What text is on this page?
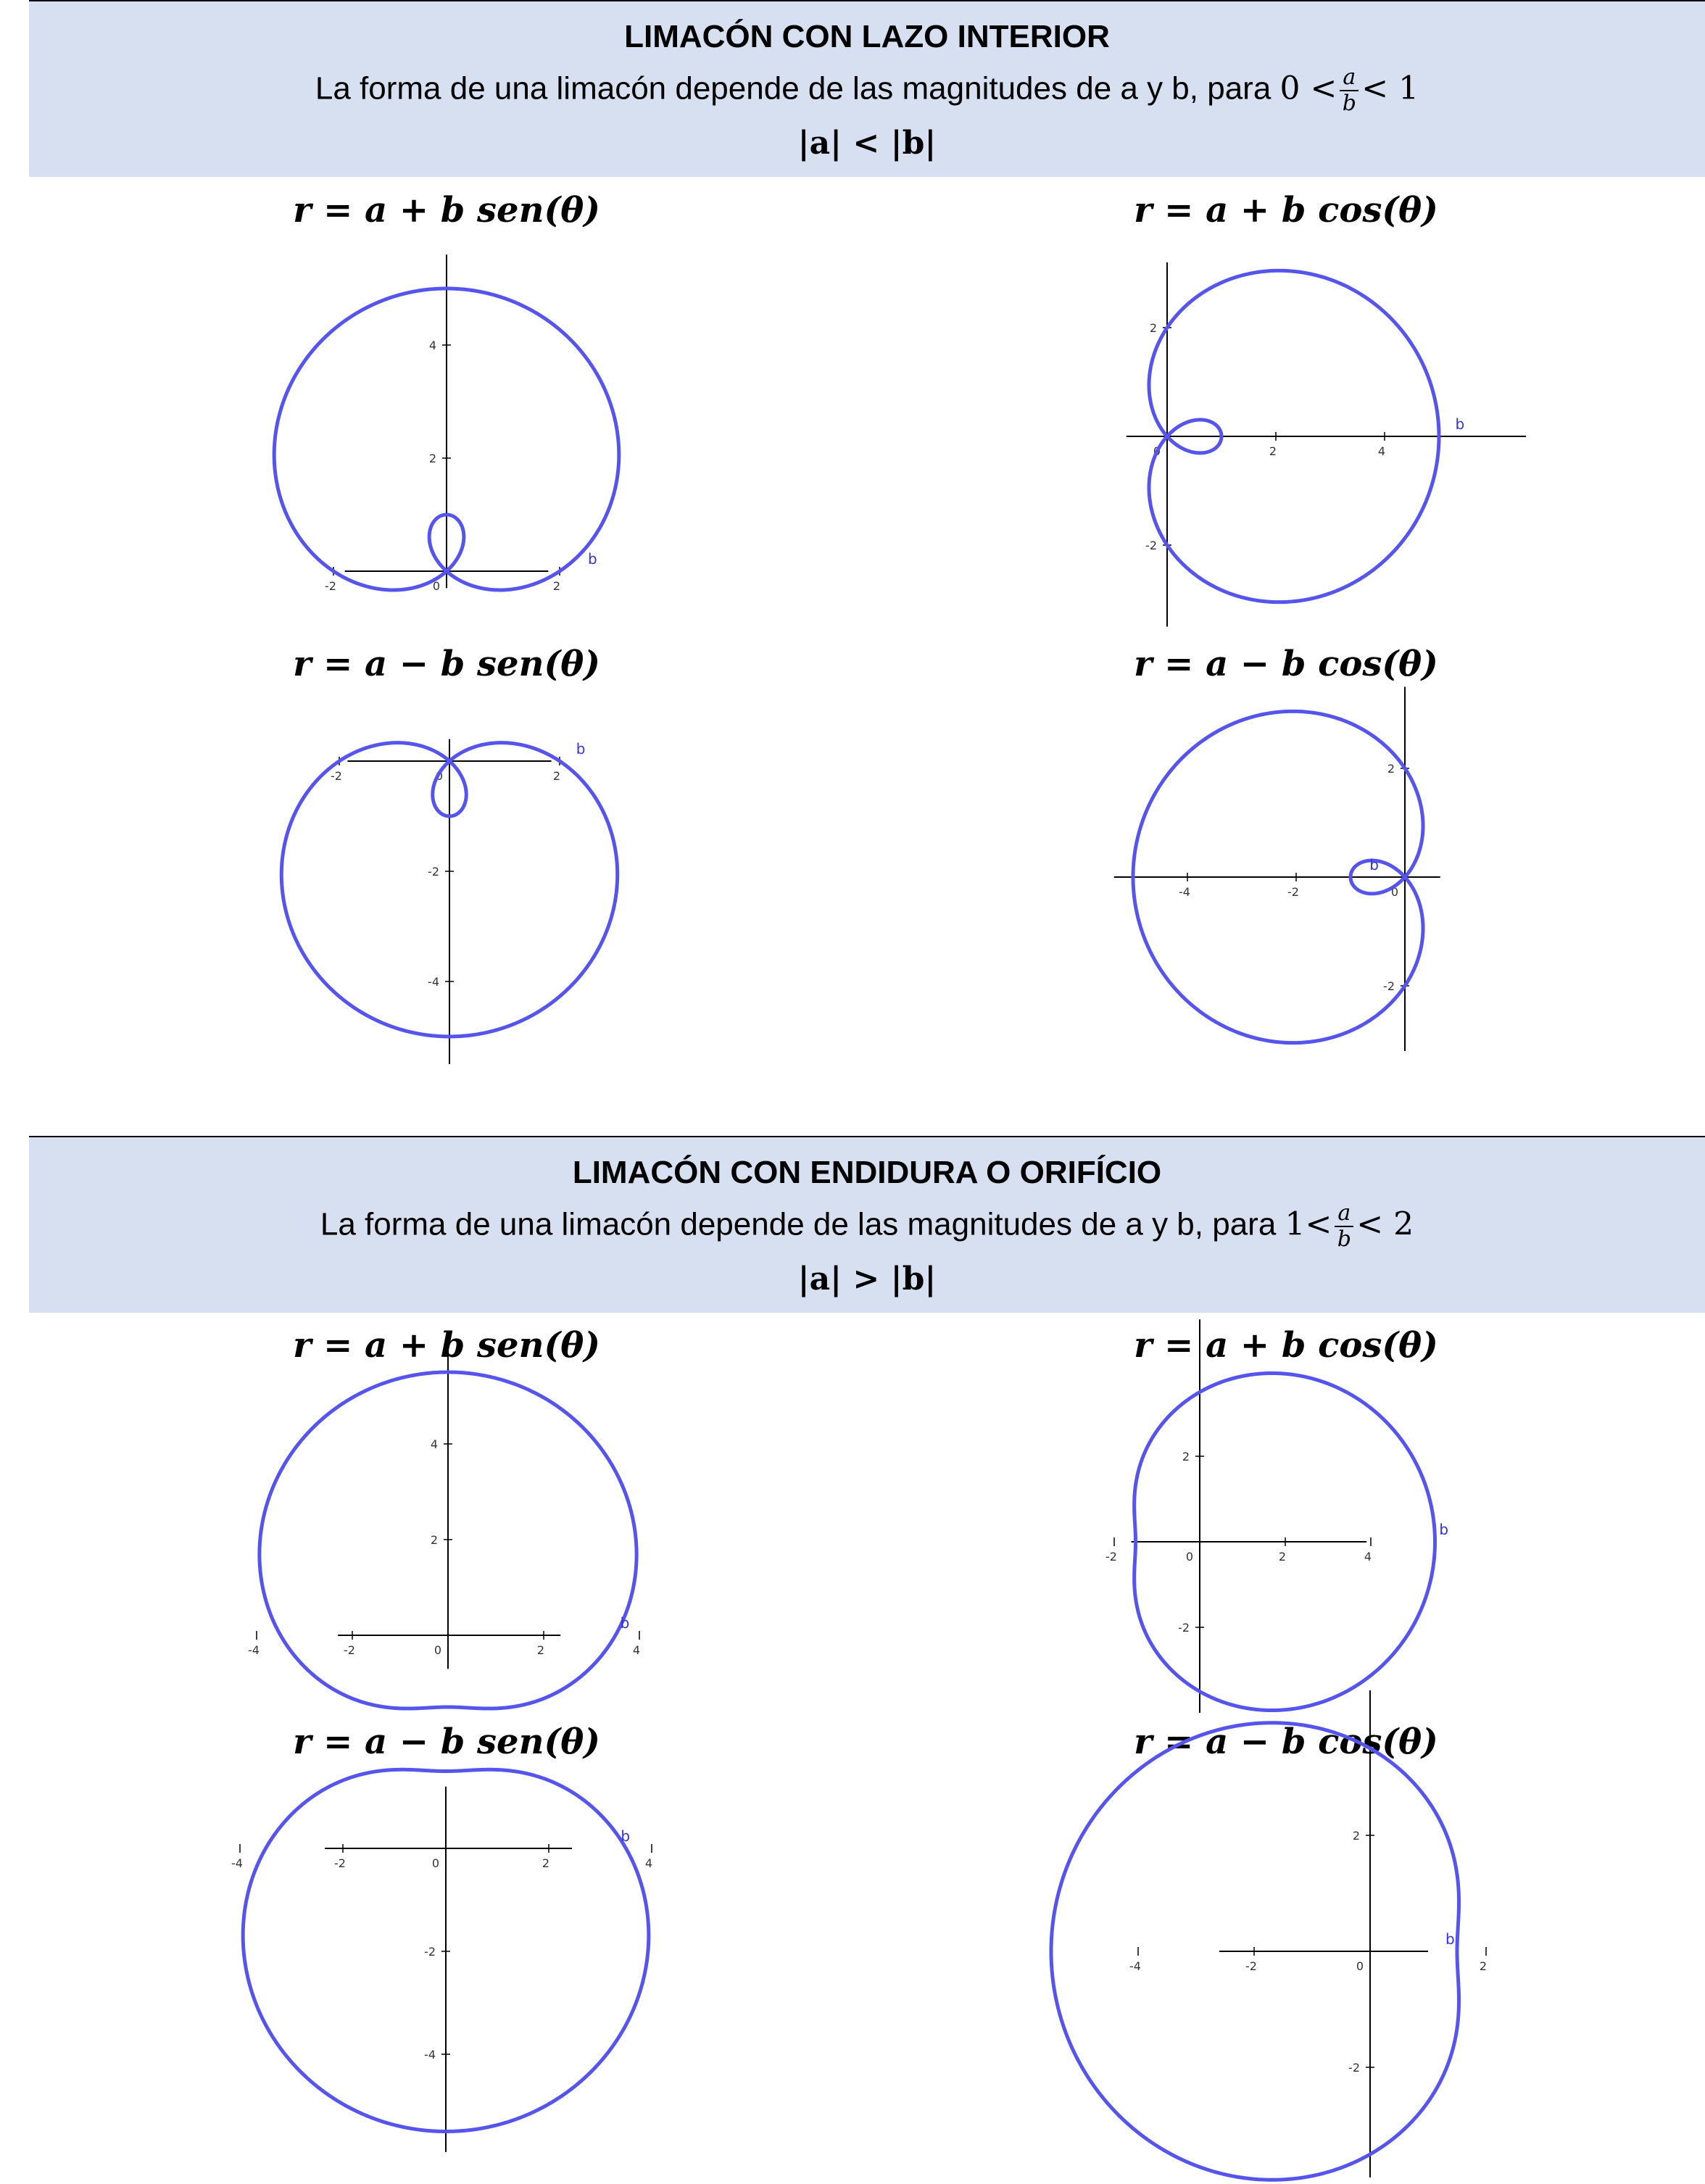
LIMACÓN CON LAZO INTERIOR
La forma de una limacón depende de las magnitudes de a y b, para $0 < \frac{a}{b} < 1$
|a| < |b|
LIMACÓN CON ENDIDURA O ORIFÍCIO
La forma de una limacón depende de las magnitudes de a y b, para $1< \frac{a}{b} < 2$
|a| > |b|
r = a + b sen(θ)	r = a + b cos(θ)
r = a − b sen(θ)	r = a − b cos(θ)
r = a + b sen(θ)	r = a + b cos(θ)
r = a − b sen(θ)	r = a − b cos(θ)
-2	0	2
2
4
b
0	2	4
2
-2
b
-2	0	2
-2
-4
b
-4	-2	0
2
-2
b
-4	-2	0	2	4
2
4
b
-2	0	2	4
2
-2
b
-4	-2	0	2	4
-2
-4
b
-4	-2	0	2
2
-2
b
